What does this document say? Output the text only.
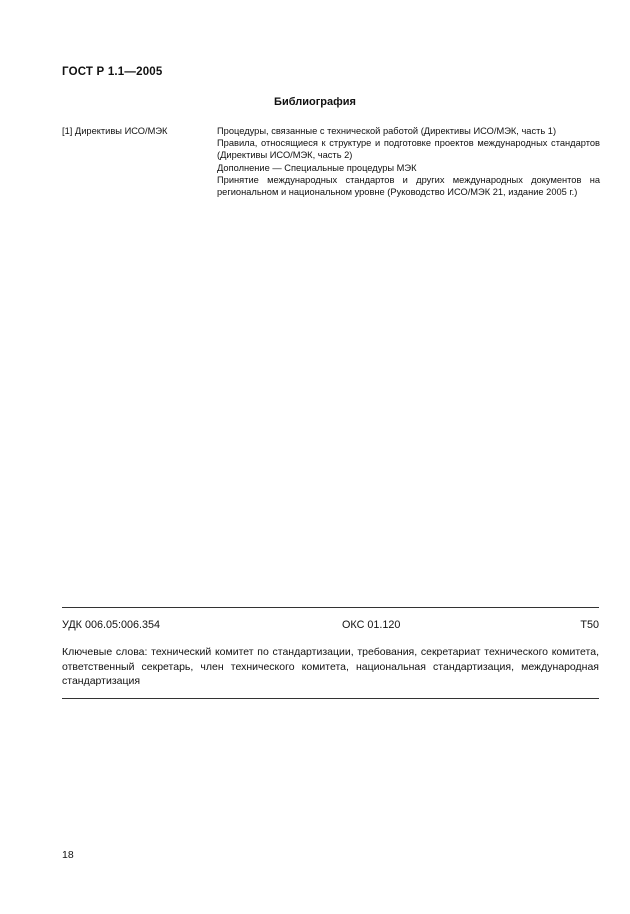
ГОСТ Р 1.1—2005
Библиография
[1] Директивы ИСО/МЭК	Процедуры, связанные с технической работой (Директивы ИСО/МЭК, часть 1)

Правила, относящиеся к структуре и подготовке проектов международных стандартов (Директивы ИСО/МЭК, часть 2)

Дополнение — Специальные процедуры МЭК

Принятие международных стандартов и других международных документов на региональном и национальном уровне (Руководство ИСО/МЭК 21, издание 2005 г.)

УДК 006.05:006.354	ОКС 01.120	Т50
Ключевые слова: технический комитет по стандартизации, требования, секретариат технического комитета, ответственный секретарь, член технического комитета, национальная стандартизация, международная стандартизация
18
